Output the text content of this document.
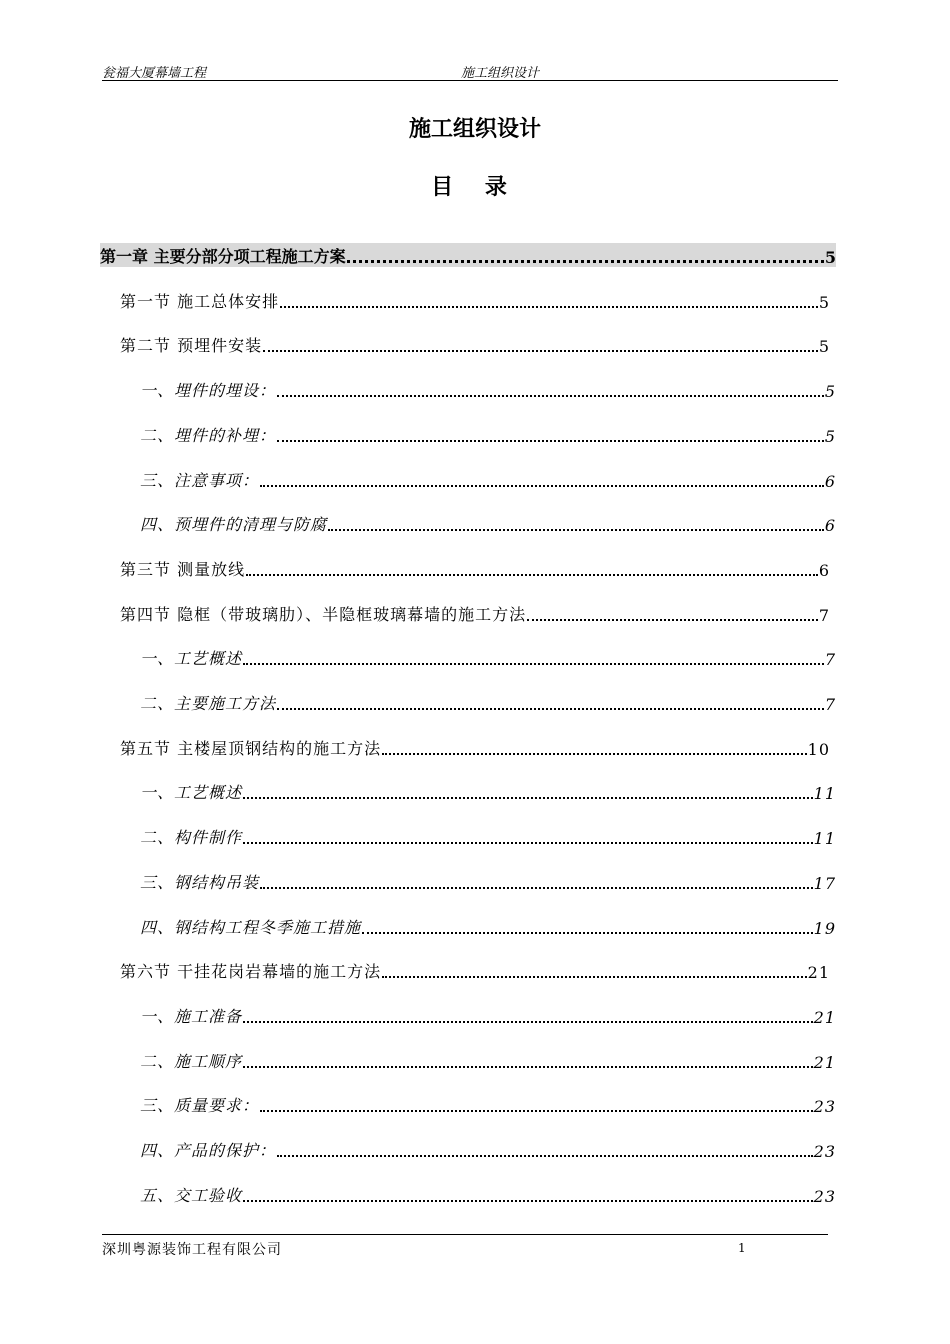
瓮福大厦幕墙工程	施工组织设计
施工组织设计
目 录
第一章 主要分部分项工程施工方案	5
第一节 施工总体安排	5
第二节 预埋件安装	5
一、埋件的埋设：	5
二、埋件的补埋：	5
三、注意事项：	6
四、预埋件的清理与防腐	6
第三节 测量放线	6
第四节 隐框（带玻璃肋）、半隐框玻璃幕墙的施工方法	7
一、工艺概述	7
二、主要施工方法	7
第五节 主楼屋顶钢结构的施工方法	10
一、工艺概述	11
二、构件制作	11
三、钢结构吊装	17
四、钢结构工程冬季施工措施	19
第六节 干挂花岗岩幕墙的施工方法	21
一、施工准备	21
二、施工顺序	21
三、质量要求：	23
四、产品的保护：	23
五、交工验收	23
深圳粤源装饰工程有限公司	1
